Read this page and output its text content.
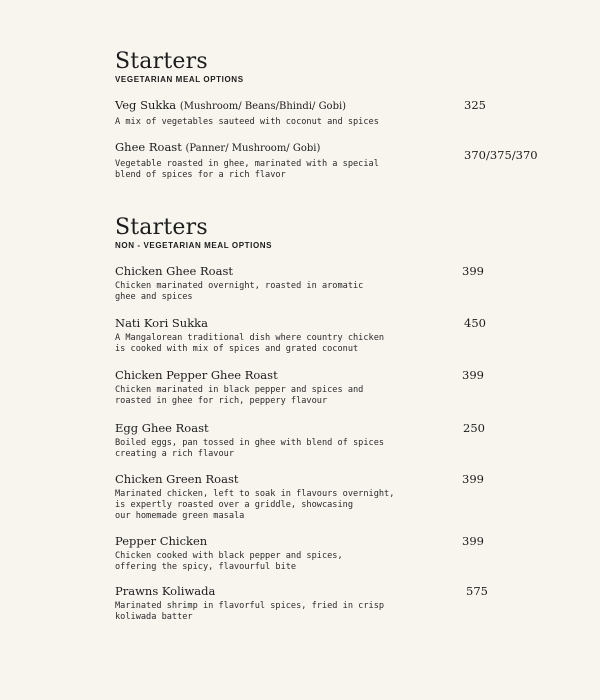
Starters
VEGETARIAN MEAL OPTIONS
Veg Sukka (Mushroom/ Beans/Bhindi/ Gobi)
A mix of vegetables sauteed with coconut and spices
325
Ghee Roast (Panner/ Mushroom/ Gobi)
Vegetable roasted in ghee, marinated with a special
blend of spices for a rich flavor
370/375/370
Starters
NON - VEGETARIAN MEAL OPTIONS
Chicken Ghee Roast
Chicken marinated overnight, roasted in aromatic
ghee and spices
399
Nati Kori Sukka
A Mangalorean traditional dish where country chicken
is cooked with mix of spices and grated coconut
450
Chicken Pepper Ghee Roast
Chicken marinated in black pepper and spices and
roasted in ghee for rich, peppery flavour
399
Egg Ghee Roast
Boiled eggs, pan tossed in ghee with blend of spices
creating a rich flavour
250
Chicken Green Roast
Marinated chicken, left to soak in flavours overnight,
is expertly roasted over a griddle, showcasing
our homemade green masala
399
Pepper Chicken
Chicken cooked with black pepper and spices,
offering the spicy, flavourful bite
399
Prawns Koliwada
Marinated shrimp in flavorful spices, fried in crisp
koliwada batter
575
